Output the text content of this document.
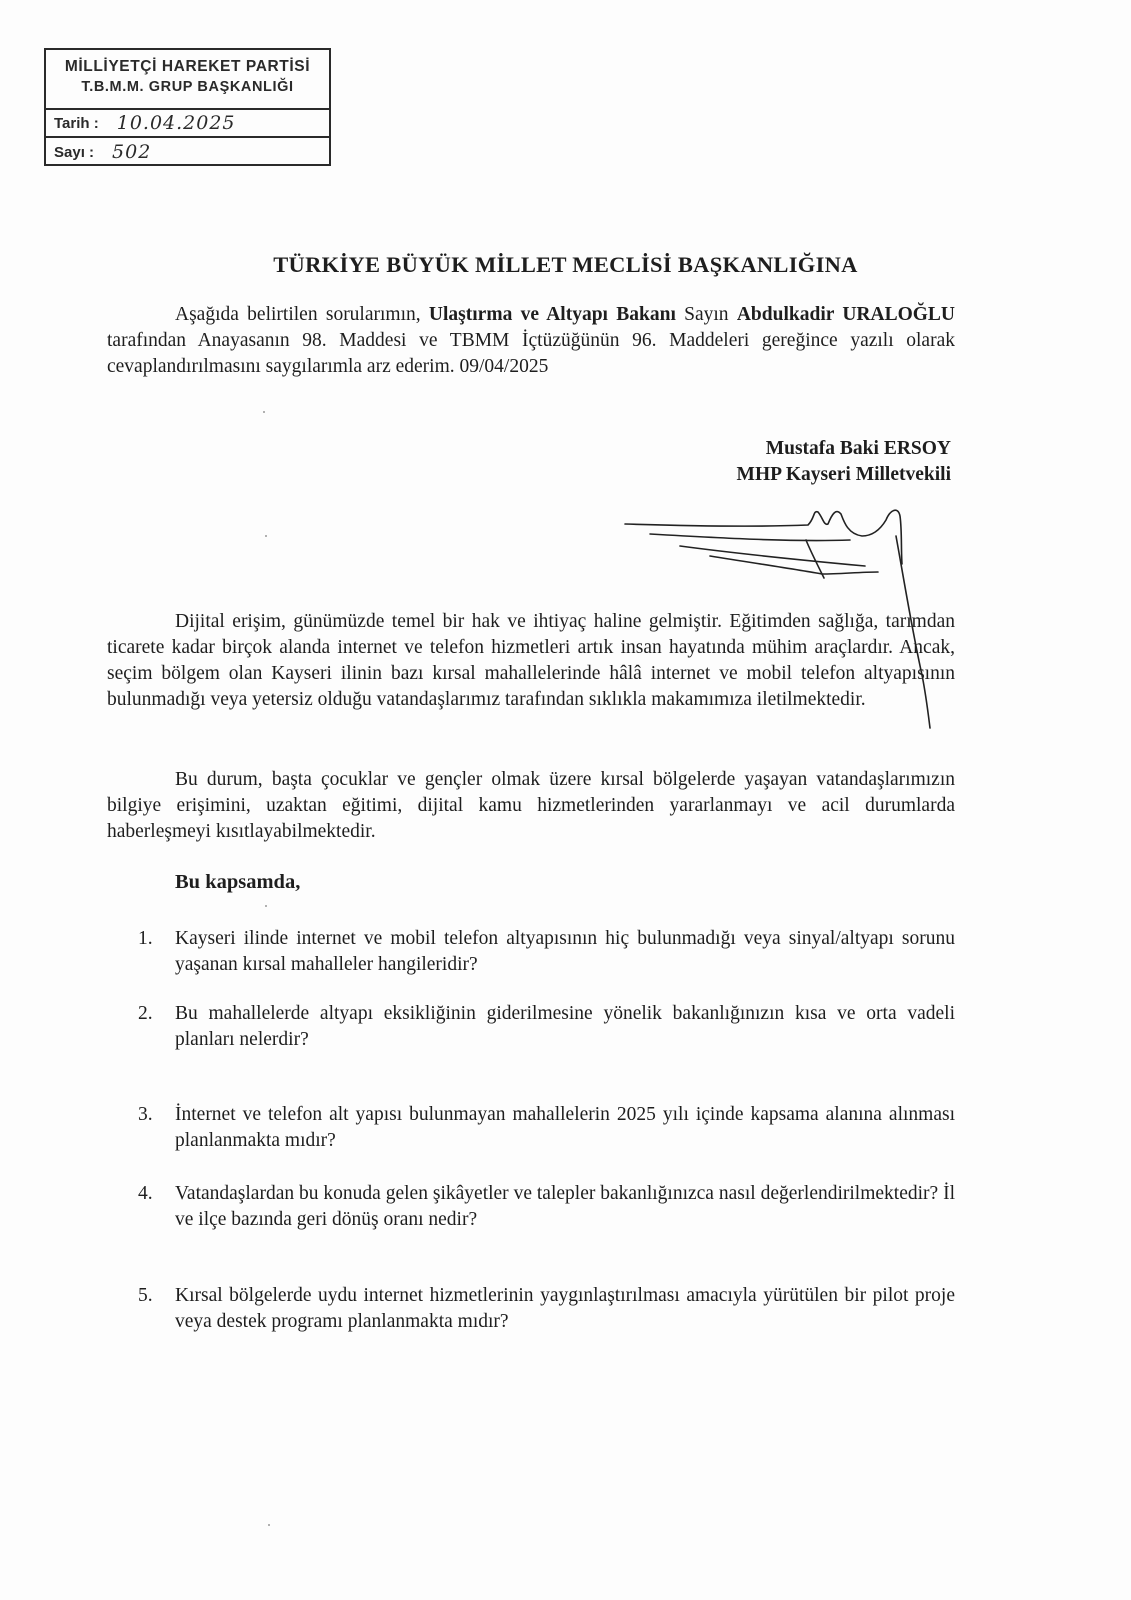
MİLLİYETÇİ HAREKET PARTİSİ
T.B.M.M. GRUP BAŞKANLIĞI
Tarih : 10.04.2025
Sayı : 502
TÜRKİYE BÜYÜK MİLLET MECLİSİ BAŞKANLIĞINA
Aşağıda belirtilen sorularımın, Ulaştırma ve Altyapı Bakanı Sayın Abdulkadir URALOĞLU tarafından Anayasanın 98. Maddesi ve TBMM İçtüzüğünün 96. Maddeleri gereğince yazılı olarak cevaplandırılmasını saygılarımla arz ederim. 09/04/2025
Mustafa Baki ERSOY
MHP Kayseri Milletvekili
Dijital erişim, günümüzde temel bir hak ve ihtiyaç haline gelmiştir. Eğitimden sağlığa, tarımdan ticarete kadar birçok alanda internet ve telefon hizmetleri artık insan hayatında mühim araçlardır. Ancak, seçim bölgem olan Kayseri ilinin bazı kırsal mahallelerinde hâlâ internet ve mobil telefon altyapısının bulunmadığı veya yetersiz olduğu vatandaşlarımız tarafından sıklıkla makamımıza iletilmektedir.
Bu durum, başta çocuklar ve gençler olmak üzere kırsal bölgelerde yaşayan vatandaşlarımızın bilgiye erişimini, uzaktan eğitimi, dijital kamu hizmetlerinden yararlanmayı ve acil durumlarda haberleşmeyi kısıtlayabilmektedir.
Bu kapsamda,
1.	Kayseri ilinde internet ve mobil telefon altyapısının hiç bulunmadığı veya sinyal/altyapı sorunu yaşanan kırsal mahalleler hangileridir?
2.	Bu mahallelerde altyapı eksikliğinin giderilmesine yönelik bakanlığınızın kısa ve orta vadeli planları nelerdir?
3.	İnternet ve telefon alt yapısı bulunmayan mahallelerin 2025 yılı içinde kapsama alanına alınması planlanmakta mıdır?
4.	Vatandaşlardan bu konuda gelen şikâyetler ve talepler bakanlığınızca nasıl değerlendirilmektedir? İl ve ilçe bazında geri dönüş oranı nedir?
5.	Kırsal bölgelerde uydu internet hizmetlerinin yaygınlaştırılması amacıyla yürütülen bir pilot proje veya destek programı planlanmakta mıdır?
